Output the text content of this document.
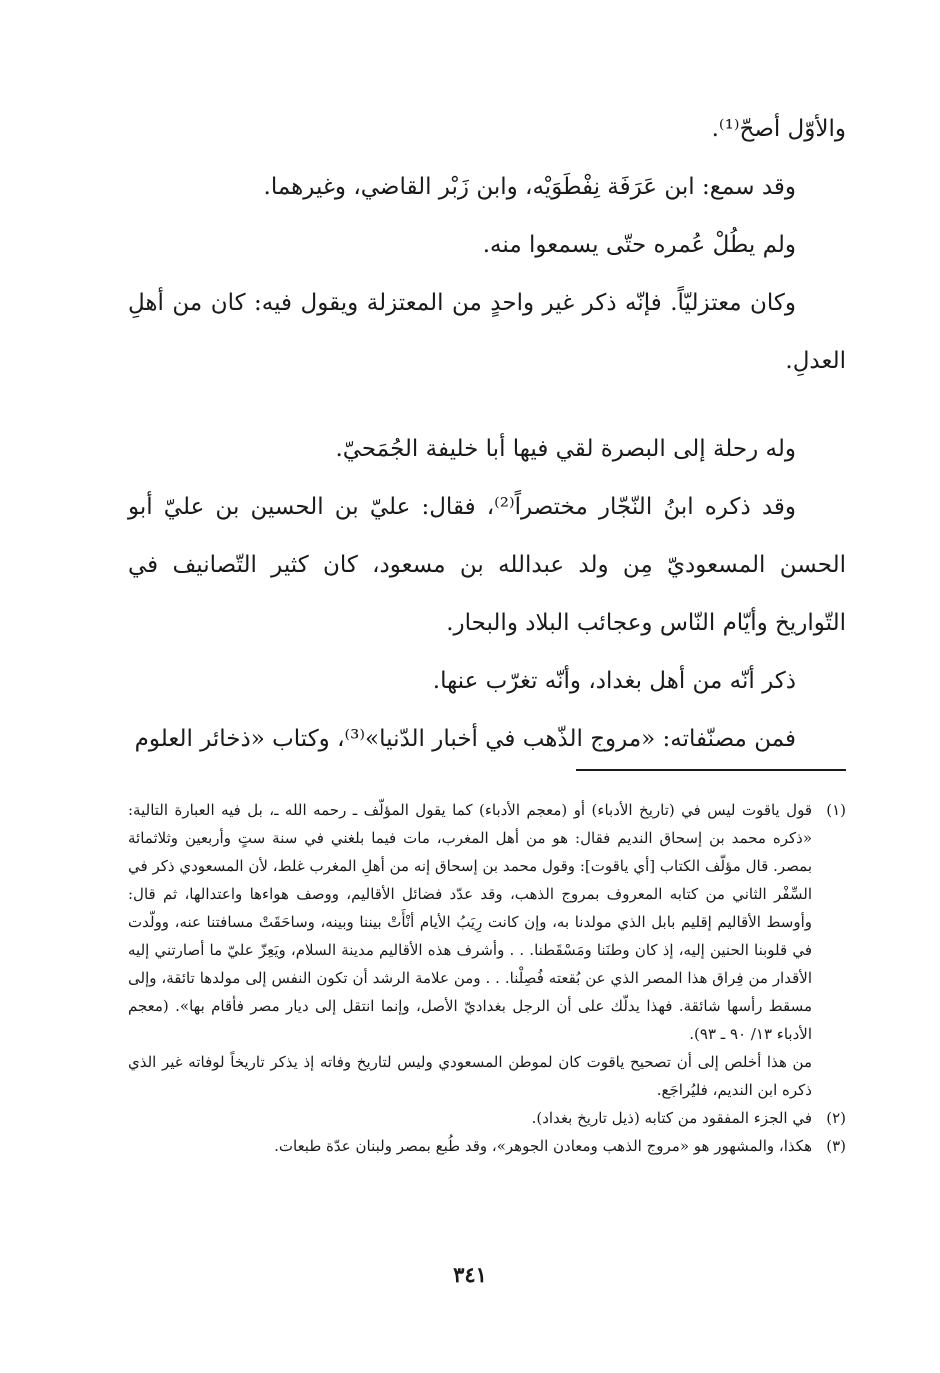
والأوّل أصحّ⁽¹⁾.

وقد سمع: ابن عَرَفَة نِفْطَوَيْه، وابن زَبْر القاضي، وغيرهما.

ولم يطُلْ عُمره حتّى يسمعوا منه.

وكان معتزليّاً. فإنّه ذكر غير واحدٍ من المعتزلة ويقول فيه: كان من أهلِ العدلِ.

وله رحلة إلى البصرة لقي فيها أبا خليفة الجُمَحيّ.

وقد ذكره ابنُ النّجّار مختصراً⁽²⁾، فقال: عليّ بن الحسين بن عليّ أبو الحسن المسعوديّ مِن ولد عبدالله بن مسعود، كان كثير التّصانيف في التّواريخ وأيّام النّاس وعجائب البلاد والبحار.

ذكر أنّه من أهل بغداد، وأنّه تغرّب عنها.

فمن مصنّفاته: «مروج الذّهب في أخبار الدّنيا»⁽³⁾، وكتاب «ذخائر العلوم

(١)

قول ياقوت ليس في (تاريخ الأدباء) أو (معجم الأدباء) كما يقول المؤلّف ـ رحمه الله ـ، بل فيه العبارة التالية: «ذكره محمد بن إسحاق النديم فقال: هو من أهل المغرب، مات فيما بلغني في سنة ستٍ وأربعين وثلاثمائة بمصر. قال مؤلّف الكتاب [أي ياقوت]: وقول محمد بن إسحاق إنه من أهلِ المغرب غلط، لأن المسعودي ذكر في السِّفْر الثاني من كتابه المعروف بمروج الذهب، وقد عدّد فضائل الأقاليم، ووصف هواءها واعتدالها، ثم قال: وأوسط الأقاليم إقليم بابل الذي مولدنا به، وإن كانت رِيَبُ الأيام أنْأَتْ بيننا وبينه، وساحَقَتْ مسافتنا عنه، وولّدت في قلوبنا الحنين إليه، إذ كان وطنَنا ومَسْقَطنا. . . وأشرف هذه الأقاليم مدينة السلام، ويَعِزّ عليّ ما أصارتني إليه الأقدار من فِراق هذا المصر الذي عن بُقعته فُصِلْنا. . . ومن علامة الرشد أن تكون النفس إلى مولدها تائقة، وإلى مسقط رأسها شائقة. فهذا يدلّك على أن الرجل بغداديّ الأصل، وإنما انتقل إلى ديار مصر فأقام بها». (معجم الأدباء ١٣/ ٩٠ ـ ٩٣).

من هذا أخلص إلى أن تصحيح ياقوت كان لموطن المسعودي وليس لتاريخ وفاته إذ يذكر تاريخاً لوفاته غير الذي ذكره ابن النديم، فليُراجَع.

(٢)

في الجزء المفقود من كتابه (ذيل تاريخ بغداد).

(٣)

هكذا، والمشهور هو «مروج الذهب ومعادن الجوهر»، وقد طُبع بمصر ولبنان عدّة طبعات.

٣٤١
